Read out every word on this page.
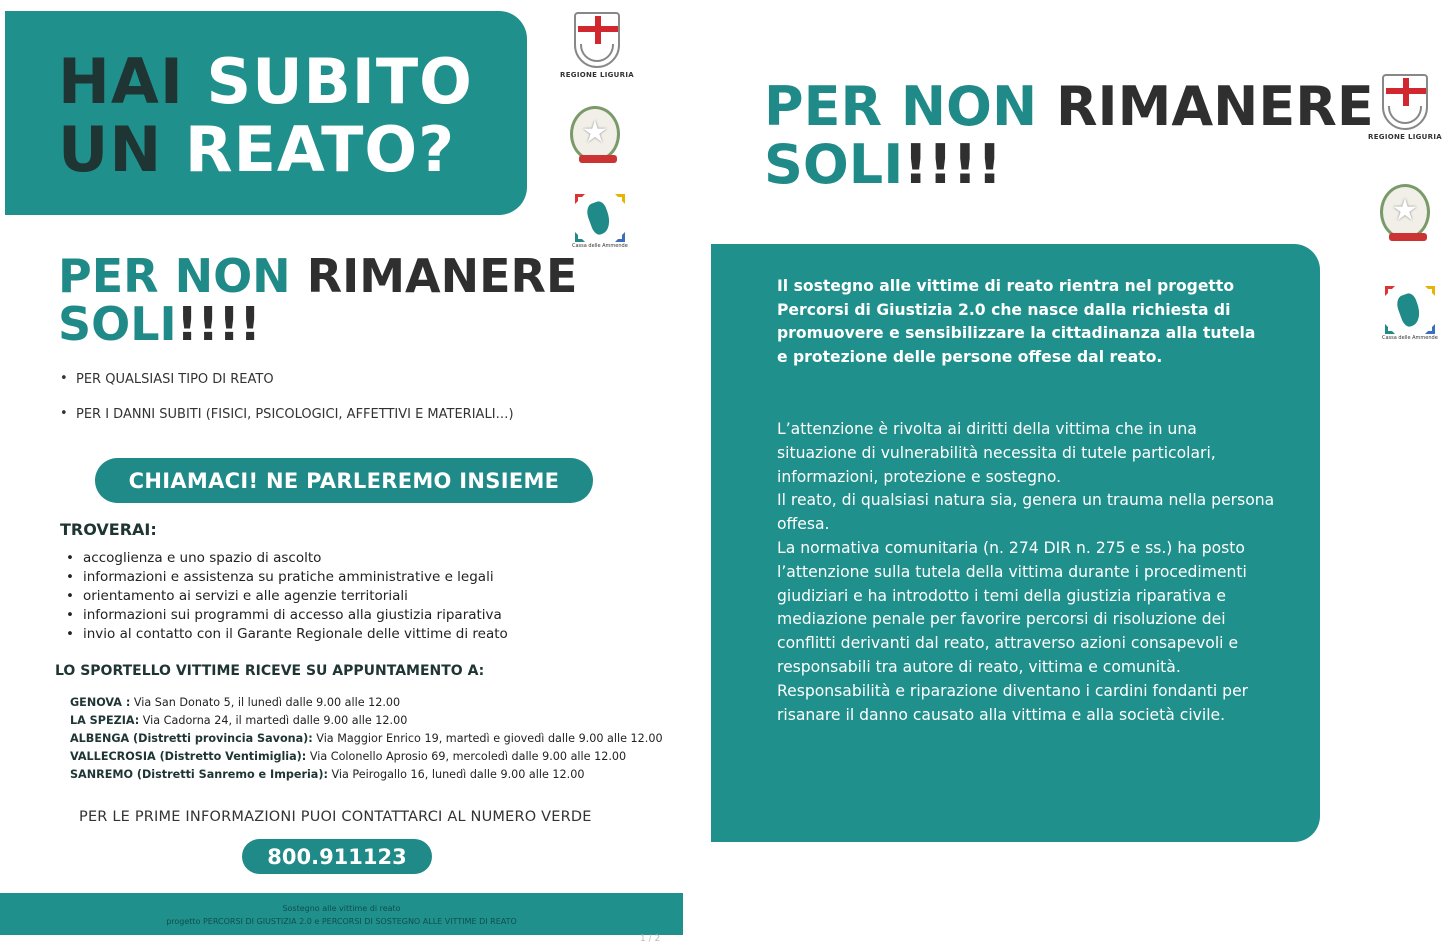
HAI SUBITO
UN REATO?
REGIONE LIGURIA
★
Cassa delle Ammende
PER NON RIMANERE
SOLI!!!!
• PER QUALSIASI TIPO DI REATO
• PER I DANNI SUBITI (FISICI, PSICOLOGICI, AFFETTIVI E MATERIALI…)
CHIAMACI! NE PARLEREMO INSIEME
TROVERAI:
• accoglienza e uno spazio di ascolto
• informazioni e assistenza su pratiche amministrative e legali
• orientamento ai servizi e alle agenzie territoriali
• informazioni sui programmi di accesso alla giustizia riparativa
• invio al contatto con il Garante Regionale delle vittime di reato
LO SPORTELLO VITTIME RICEVE SU APPUNTAMENTO A:
GENOVA : Via San Donato 5, il lunedì dalle 9.00 alle 12.00
LA SPEZIA: Via Cadorna 24, il martedì dalle 9.00 alle 12.00
ALBENGA (Distretti provincia Savona): Via Maggior Enrico 19, martedì e giovedì dalle 9.00 alle 12.00
VALLECROSIA (Distretto Ventimiglia): Via Colonello Aprosio 69, mercoledì dalle 9.00 alle 12.00
SANREMO (Distretti Sanremo e Imperia): Via Peirogallo 16, lunedì dalle 9.00 alle 12.00
PER LE PRIME INFORMAZIONI PUOI CONTATTARCI AL NUMERO VERDE
800.911123
Sostegno alle vittime di reato
progetto PERCORSI DI GIUSTIZIA 2.0 e PERCORSI DI SOSTEGNO ALLE VITTIME DI REATO
1 / 2
PER NON RIMANERE
SOLI!!!!	REGIONE LIGURIA
★
Cassa delle Ammende
Il sostegno alle vittime di reato rientra nel progetto Percorsi di Giustizia 2.0 che nasce dalla richiesta di promuovere e sensibilizzare la cittadinanza alla tutela e protezione delle persone offese dal reato.
L’attenzione è rivolta ai diritti della vittima che in una situazione di vulnerabilità necessita di tutele particolari, informazioni, protezione e sostegno.
Il reato, di qualsiasi natura sia, genera un trauma nella persona offesa.
La normativa comunitaria (n. 274 DIR n. 275 e ss.) ha posto l’attenzione sulla tutela della vittima durante i procedimenti giudiziari e ha introdotto i temi della giustizia riparativa e mediazione penale per favorire percorsi di risoluzione dei conflitti derivanti dal reato, attraverso azioni consapevoli e responsabili tra autore di reato, vittima e comunità.
Responsabilità e riparazione diventano i cardini fondanti per risanare il danno causato alla vittima e alla società civile.
